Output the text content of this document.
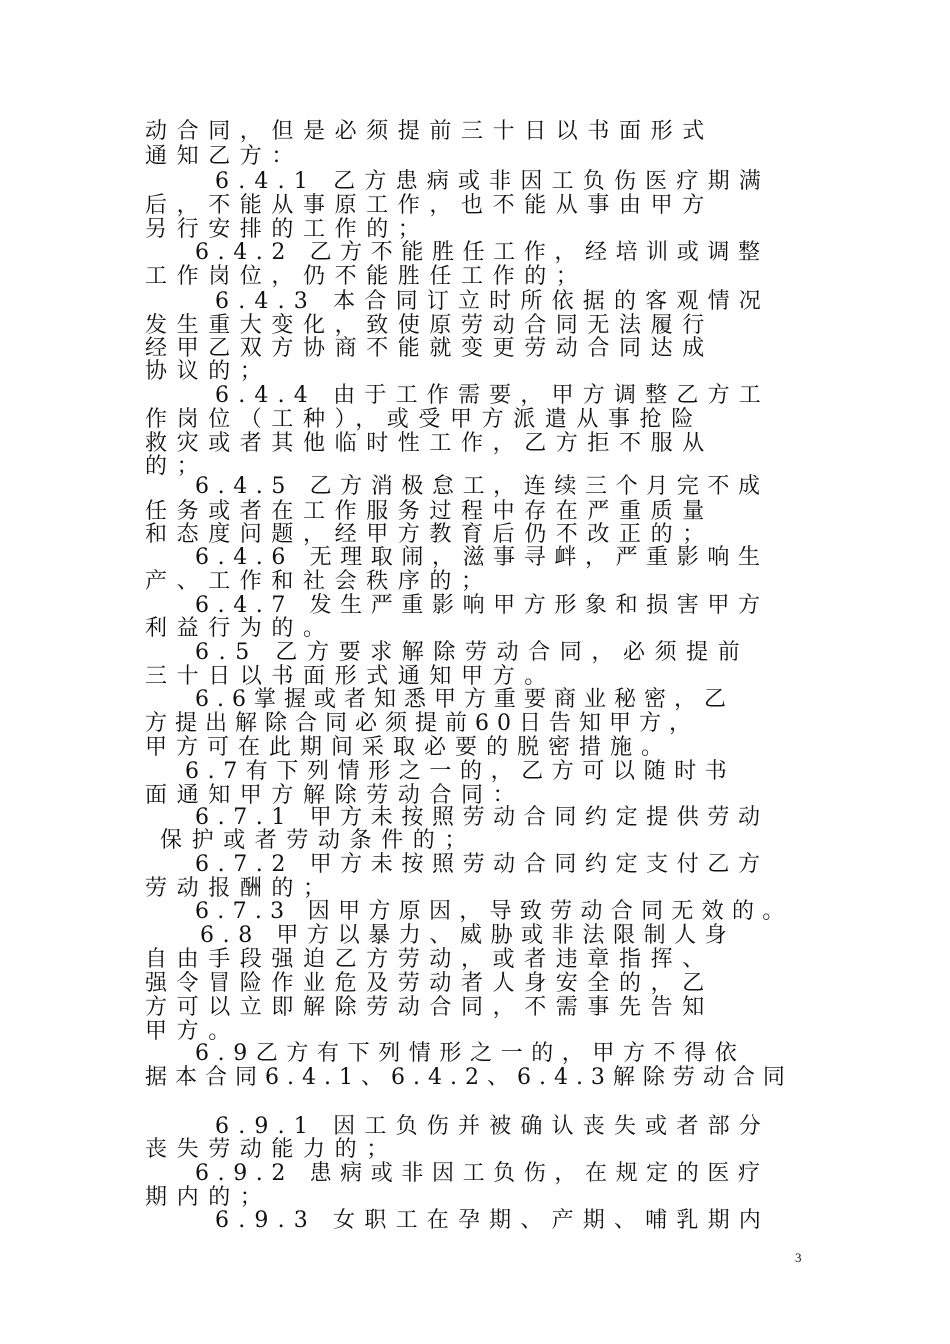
动合同，但是必须提前三十日以书面形式
通知乙方：
6.4.1 乙方患病或非因工负伤医疗期满
后，不能从事原工作，也不能从事由甲方
另行安排的工作的；
6.4.2 乙方不能胜任工作，经培训或调整
工作岗位，仍不能胜任工作的；
6.4.3 本合同订立时所依据的客观情况
发生重大变化，致使原劳动合同无法履行
经甲乙双方协商不能就变更劳动合同达成
协议的；
6.4.4 由于工作需要，甲方调整乙方工
作岗位（工种），或受甲方派遣从事抢险
救灾或者其他临时性工作，乙方拒不服从
的；
6.4.5 乙方消极怠工，连续三个月完不成
任务或者在工作服务过程中存在严重质量
和态度问题，经甲方教育后仍不改正的；
6.4.6 无理取闹，滋事寻衅，严重影响生
产、工作和社会秩序的；
6.4.7 发生严重影响甲方形象和损害甲方
利益行为的。
6.5 乙方要求解除劳动合同，必须提前
三十日以书面形式通知甲方。
6.6掌握或者知悉甲方重要商业秘密，乙
方提出解除合同必须提前60日告知甲方，
甲方可在此期间采取必要的脱密措施。
6.7有下列情形之一的，乙方可以随时书
面通知甲方解除劳动合同：
6.7.1 甲方未按照劳动合同约定提供劳动
保护或者劳动条件的；
6.7.2 甲方未按照劳动合同约定支付乙方
劳动报酬的；
6.7.3 因甲方原因，导致劳动合同无效的。
6.8 甲方以暴力、威胁或非法限制人身
自由手段强迫乙方劳动，或者违章指挥、
强令冒险作业危及劳动者人身安全的，乙
方可以立即解除劳动合同，不需事先告知
甲方。
6.9乙方有下列情形之一的，甲方不得依
据本合同6.4.1、6.4.2、6.4.3解除劳动合同
6.9.1 因工负伤并被确认丧失或者部分
丧失劳动能力的；
6.9.2 患病或非因工负伤，在规定的医疗
期内的；
6.9.3 女职工在孕期、产期、哺乳期内
3
